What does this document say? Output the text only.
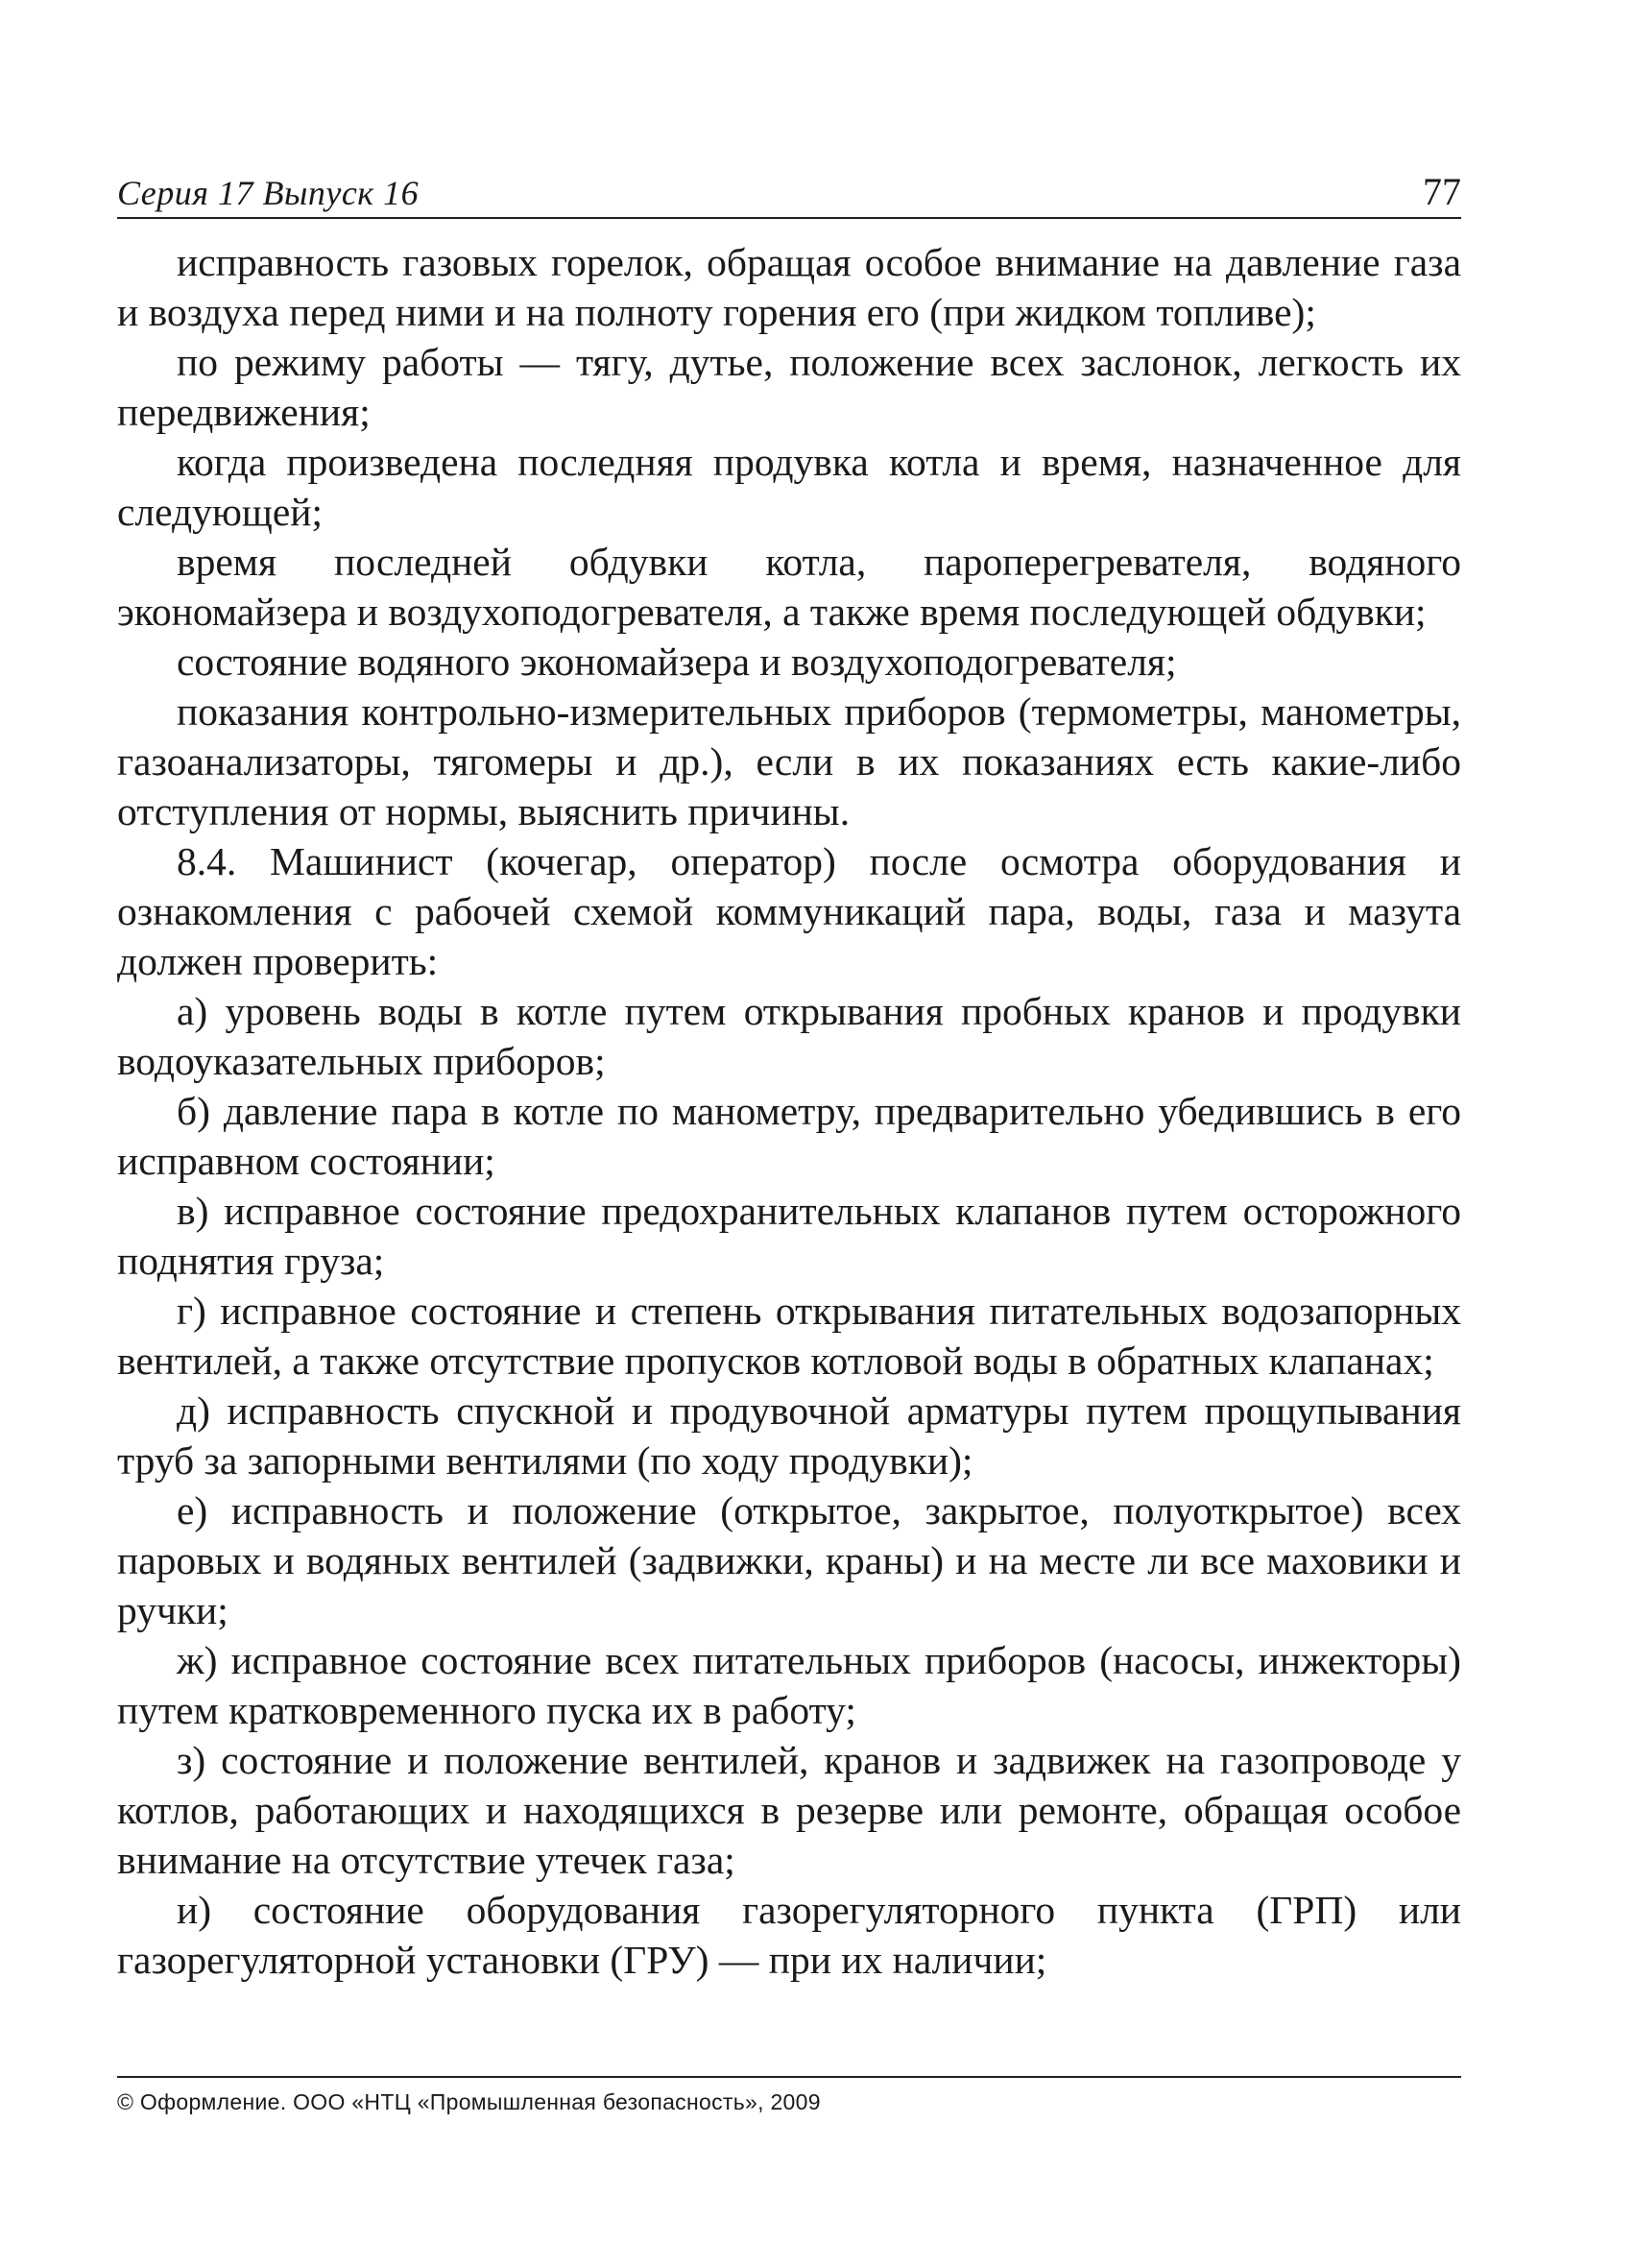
Серия 17 Выпуск 16	77

исправность газовых горелок, обращая особое внимание на давление газа и воздуха перед ними и на полноту горения его (при жидком топливе);

по режиму работы — тягу, дутье, положение всех заслонок, легкость их передвижения;

когда произведена последняя продувка котла и время, назначенное для следующей;

время последней обдувки котла, пароперегревателя, водяного экономайзера и воздухоподогревателя, а также время последующей обдувки;

состояние водяного экономайзера и воздухоподогревателя;

показания контрольно-измерительных приборов (термометры, манометры, газоанализаторы, тягомеры и др.), если в их показаниях есть какие-либо отступления от нормы, выяснить причины.

8.4. Машинист (кочегар, оператор) после осмотра оборудования и ознакомления с рабочей схемой коммуникаций пара, воды, газа и мазута должен проверить:

а) уровень воды в котле путем открывания пробных кранов и продувки водоуказательных приборов;

б) давление пара в котле по манометру, предварительно убедившись в его исправном состоянии;

в) исправное состояние предохранительных клапанов путем осторожного поднятия груза;

г) исправное состояние и степень открывания питательных водозапорных вентилей, а также отсутствие пропусков котловой воды в обратных клапанах;

д) исправность спускной и продувочной арматуры путем прощупывания труб за запорными вентилями (по ходу продувки);

е) исправность и положение (открытое, закрытое, полуоткрытое) всех паровых и водяных вентилей (задвижки, краны) и на месте ли все маховики и ручки;

ж) исправное состояние всех питательных приборов (насосы, инжекторы) путем кратковременного пуска их в работу;

з) состояние и положение вентилей, кранов и задвижек на газопроводе у котлов, работающих и находящихся в резерве или ремонте, обращая особое внимание на отсутствие утечек газа;

и) состояние оборудования газорегуляторного пункта (ГРП) или газорегуляторной установки (ГРУ) — при их наличии;

© Оформление. ООО «НТЦ «Промышленная безопасность», 2009
